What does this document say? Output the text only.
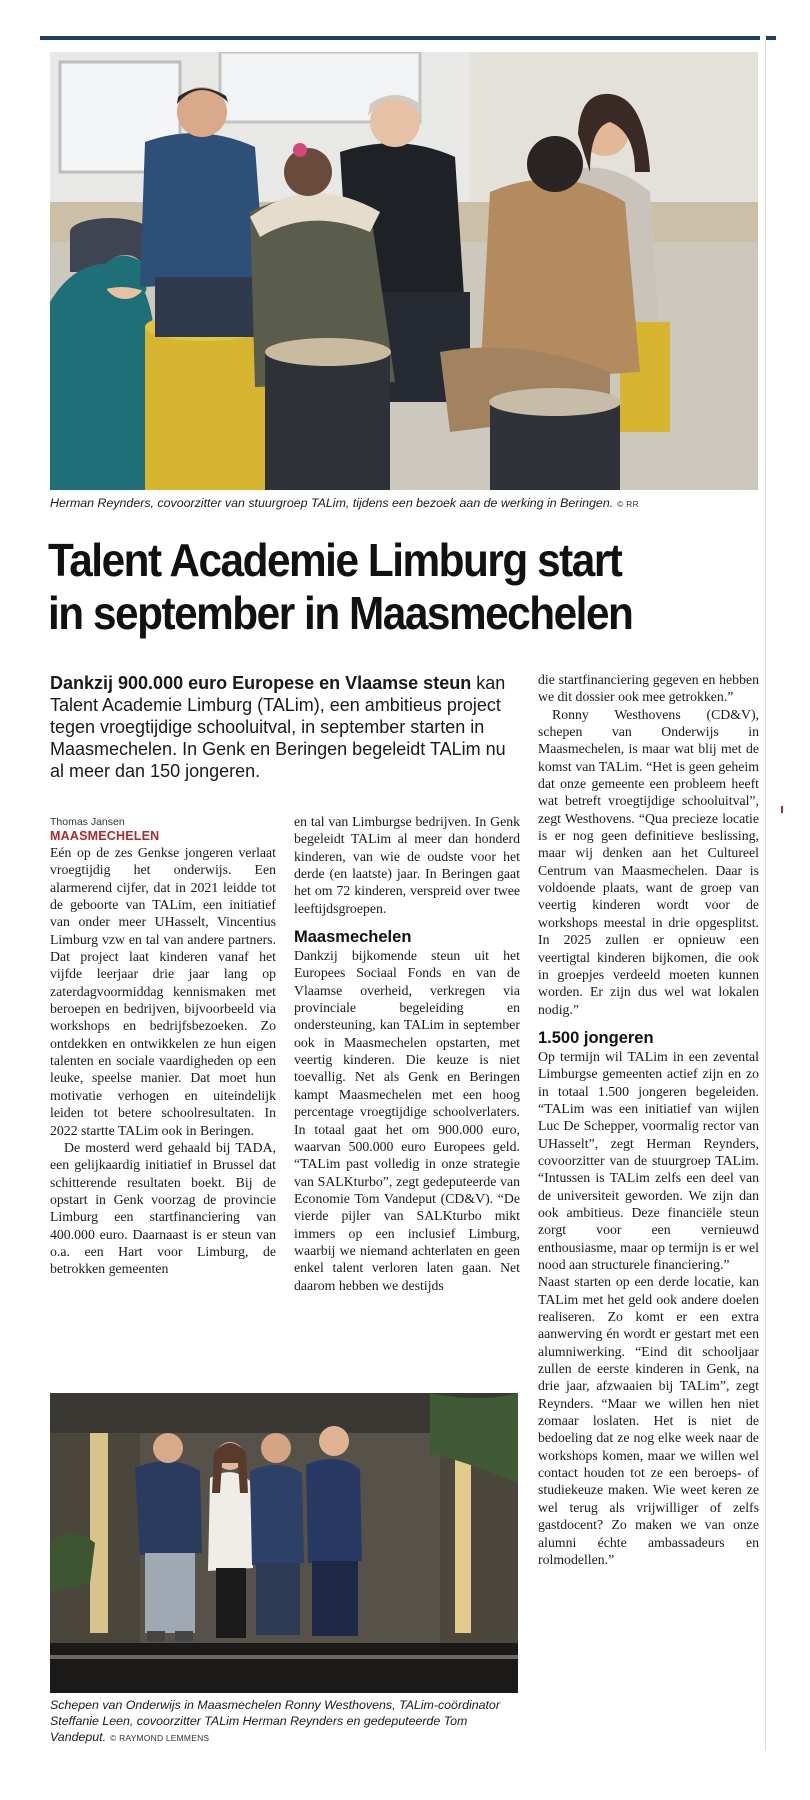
Herman Reynders, covoorzitter van stuurgroep TALim, tijdens een bezoek aan de werking in Beringen. © RR
Talent Academie Limburg start
in september in Maasmechelen
Dankzij 900.000 euro Europese en Vlaamse steun kan Talent Academie Limburg (TALim), een ambitieus project tegen vroegtijdige schooluitval, in september starten in Maasmechelen. In Genk en Beringen begeleidt TALim nu al meer dan 150 jongeren.
Thomas Jansen
MAASMECHELEN

Eén op de zes Genkse jongeren verlaat vroegtijdig het onderwijs. Een alarmerend cijfer, dat in 2021 leidde tot de geboorte van TALim, een initiatief van onder meer UHasselt, Vincentius Limburg vzw en tal van andere partners. Dat project laat kinderen vanaf het vijfde leerjaar drie jaar lang op zaterdagvoormiddag kennismaken met beroepen en bedrijven, bijvoorbeeld via workshops en bedrijfsbezoeken. Zo ontdekken en ontwikkelen ze hun eigen talenten en sociale vaardigheden op een leuke, speelse manier. Dat moet hun motivatie verhogen en uiteindelijk leiden tot betere schoolresultaten. In 2022 startte TALim ook in Beringen.

De mosterd werd gehaald bij TADA, een gelijkaardig initiatief in Brussel dat schitterende resultaten boekt. Bij de opstart in Genk voorzag de provincie Limburg een startfinanciering van 400.000 euro. Daarnaast is er steun van o.a. een Hart voor Limburg, de betrokken gemeenten

en tal van Limburgse bedrijven. In Genk begeleidt TALim al meer dan honderd kinderen, van wie de oudste voor het derde (en laatste) jaar. In Beringen gaat het om 72 kinderen, verspreid over twee leeftijdsgroepen.

Maasmechelen

Dankzij bijkomende steun uit het Europees Sociaal Fonds en van de Vlaamse overheid, verkregen via provinciale begeleiding en ondersteuning, kan TALim in september ook in Maasmechelen opstarten, met veertig kinderen. Die keuze is niet toevallig. Net als Genk en Beringen kampt Maasmechelen met een hoog percentage vroegtijdige schoolverlaters. In totaal gaat het om 900.000 euro, waarvan 500.000 euro Europees geld. “TALim past volledig in onze strategie van SALKturbo”, zegt gedeputeerde van Economie Tom Vandeput (CD&V). “De vierde pijler van SALKturbo mikt immers op een inclusief Limburg, waarbij we niemand achterlaten en geen enkel talent verloren laten gaan. Net daarom hebben we destijds

die startfinanciering gegeven en hebben we dit dossier ook mee getrokken.”

Ronny Westhovens (CD&V), schepen van Onderwijs in Maasmechelen, is maar wat blij met de komst van TALim. “Het is geen geheim dat onze gemeente een probleem heeft wat betreft vroegtijdige schooluitval”, zegt Westhovens. “Qua precieze locatie is er nog geen definitieve beslissing, maar wij denken aan het Cultureel Centrum van Maasmechelen. Daar is voldoende plaats, want de groep van veertig kinderen wordt voor de workshops meestal in drie opgesplitst. In 2025 zullen er opnieuw een veertigtal kinderen bijkomen, die ook in groepjes verdeeld moeten kunnen worden. Er zijn dus wel wat lokalen nodig.”

1.500 jongeren

Op termijn wil TALim in een zevental Limburgse gemeenten actief zijn en zo in totaal 1.500 jongeren begeleiden. “TALim was een initiatief van wijlen Luc De Schepper, voormalig rector van UHasselt”, zegt Herman Reynders, covoorzitter van de stuurgroep TALim. “Intussen is TALim zelfs een deel van de universiteit geworden. We zijn dan ook ambitieus. Deze financiële steun zorgt voor een vernieuwd enthousiasme, maar op termijn is er wel nood aan structurele financiering.”

Naast starten op een derde locatie, kan TALim met het geld ook andere doelen realiseren. Zo komt er een extra aanwerving én wordt er gestart met een alumniwerking. “Eind dit schooljaar zullen de eerste kinderen in Genk, na drie jaar, afzwaaien bij TALim”, zegt Reynders. “Maar we willen hen niet zomaar loslaten. Het is niet de bedoeling dat ze nog elke week naar de workshops komen, maar we willen wel contact houden tot ze een beroeps- of studiekeuze maken. Wie weet keren ze wel terug als vrijwilliger of zelfs gastdocent? Zo maken we van onze alumni échte ambassadeurs en rolmodellen.”

Schepen van Onderwijs in Maasmechelen Ronny Westhovens, TALim-coördinator Steffanie Leen, covoorzitter TALim Herman Reynders en gedeputeerde Tom Vandeput. © RAYMOND LEMMENS
